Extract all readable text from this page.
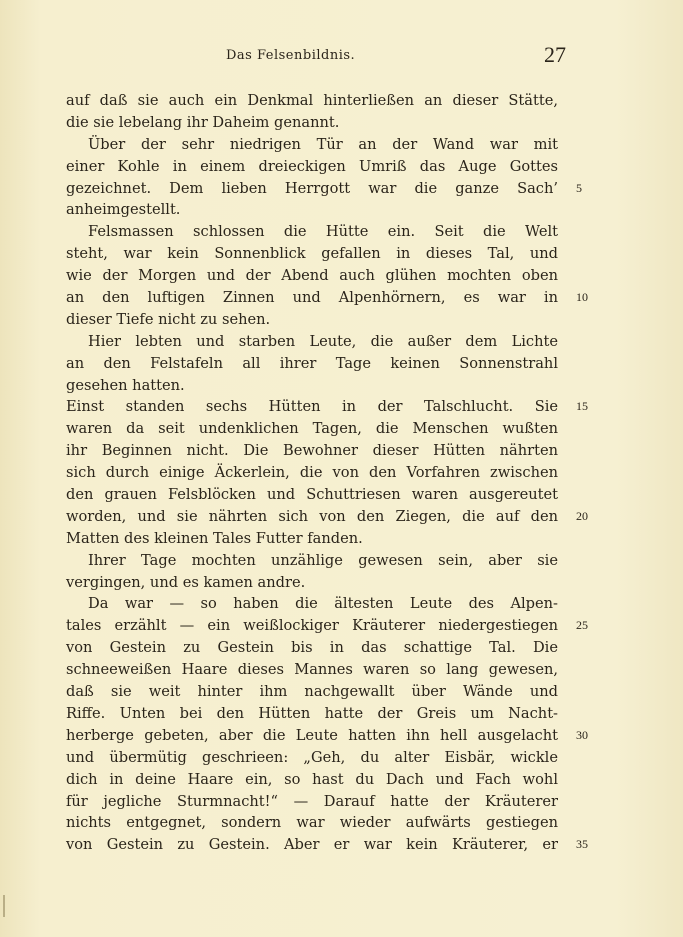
Das Felsenbildnis.	27
auf daß sie auch ein Denkmal hinterließen an dieser Stätte,
die sie lebelang ihr Daheim genannt.
Über der sehr niedrigen Tür an der Wand war mit
einer Kohle in einem dreieckigen Umriß das Auge Gottes
gezeichnet. Dem lieben Herrgott war die ganze Sach’ 5
anheimgestellt.
Felsmassen schlossen die Hütte ein. Seit die Welt
steht, war kein Sonnenblick gefallen in dieses Tal, und
wie der Morgen und der Abend auch glühen mochten oben
an den luftigen Zinnen und Alpenhörnern, es war in 10
dieser Tiefe nicht zu sehen.
Hier lebten und starben Leute, die außer dem Lichte
an den Felstafeln all ihrer Tage keinen Sonnenstrahl
gesehen hatten.
Einst standen sechs Hütten in der Talschlucht. Sie 15
waren da seit undenklichen Tagen, die Menschen wußten
ihr Beginnen nicht. Die Bewohner dieser Hütten nährten
sich durch einige Äckerlein, die von den Vorfahren zwischen
den grauen Felsblöcken und Schuttriesen waren ausgereutet
worden, und sie nährten sich von den Ziegen, die auf den 20
Matten des kleinen Tales Futter fanden.
Ihrer Tage mochten unzählige gewesen sein, aber sie
vergingen, und es kamen andre.
Da war — so haben die ältesten Leute des Alpen-
tales erzählt — ein weißlockiger Kräuterer niedergestiegen 25
von Gestein zu Gestein bis in das schattige Tal. Die
schneeweißen Haare dieses Mannes waren so lang gewesen,
daß sie weit hinter ihm nachgewallt über Wände und
Riffe. Unten bei den Hütten hatte der Greis um Nacht-
herberge gebeten, aber die Leute hatten ihn hell ausgelacht 30
und übermütig geschrieen: „Geh, du alter Eisbär, wickle
dich in deine Haare ein, so hast du Dach und Fach wohl
für jegliche Sturmnacht!“ — Darauf hatte der Kräuterer
nichts entgegnet, sondern war wieder aufwärts gestiegen
von Gestein zu Gestein. Aber er war kein Kräuterer, er 35
